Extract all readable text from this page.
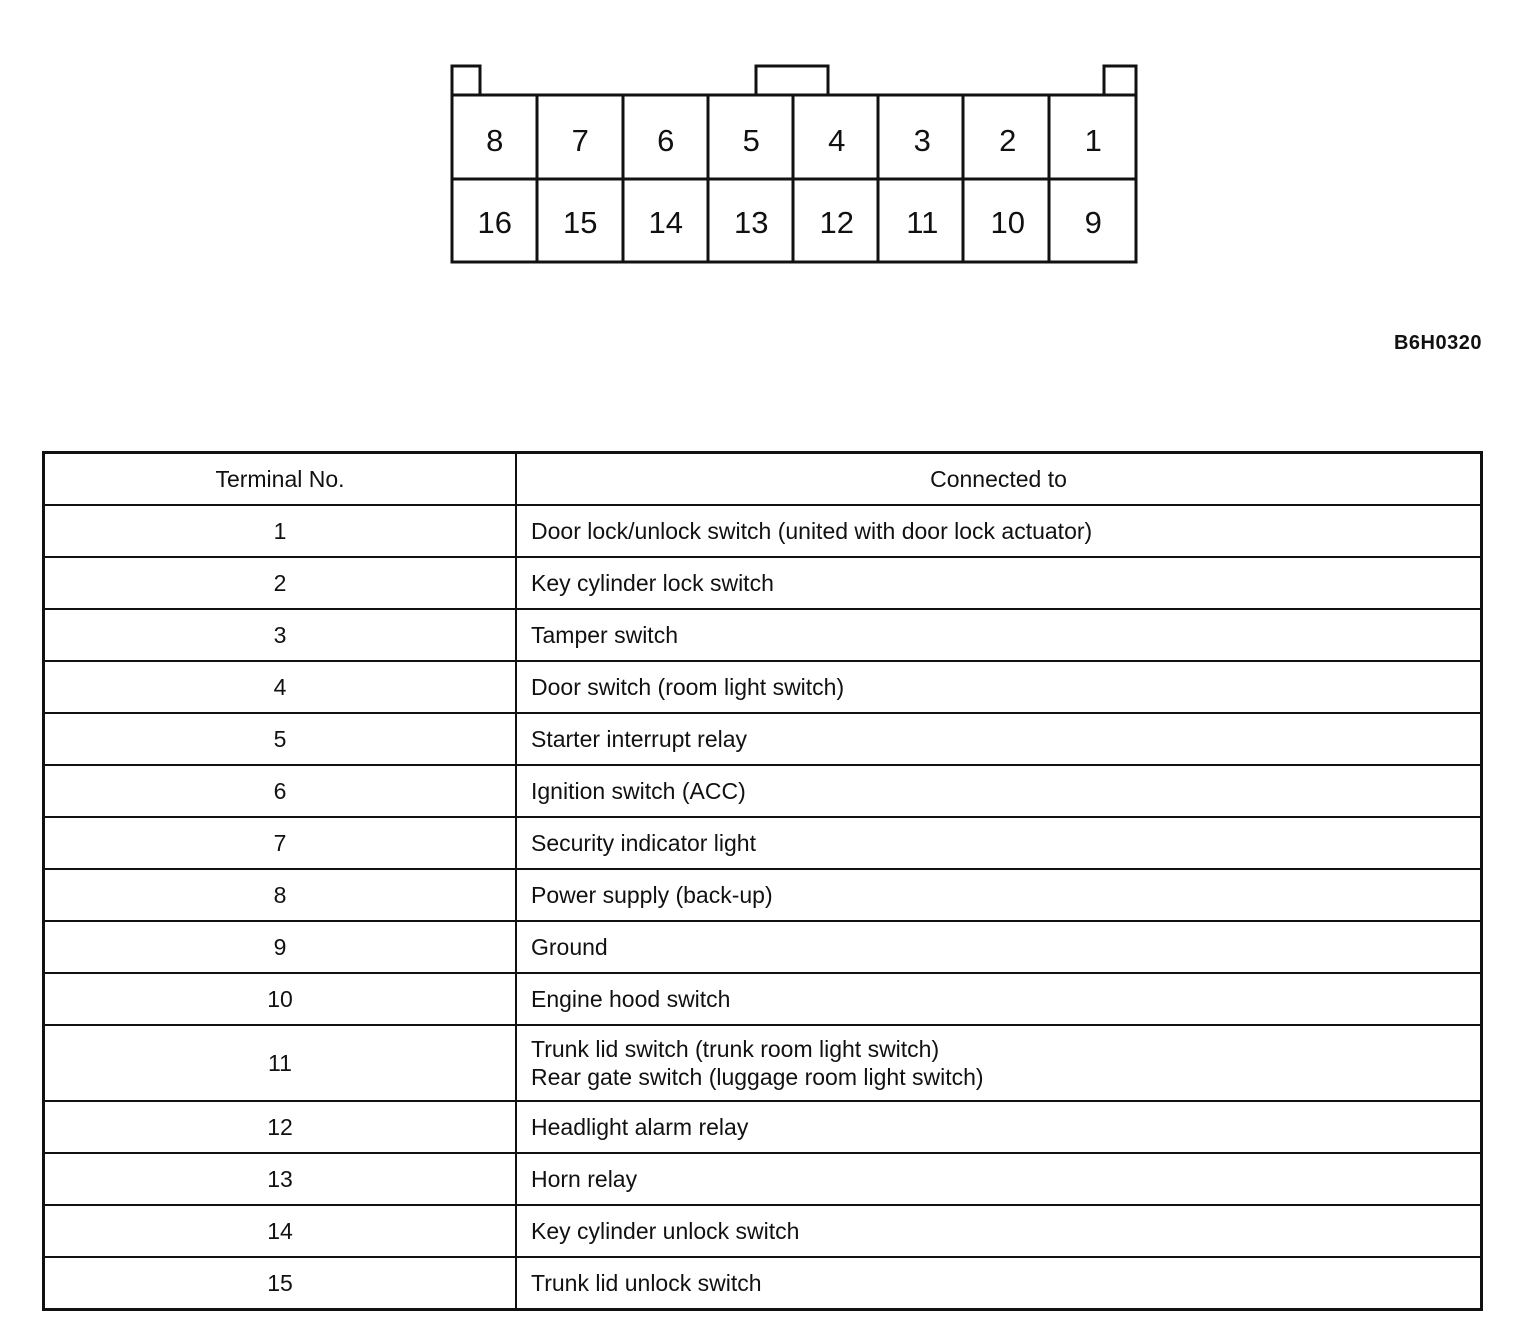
8 7 6 5 4 3 2 1
16 15 14 13 12 11 10 9
B6H0320
Terminal No.	Connected to
1	Door lock/unlock switch (united with door lock actuator)

2	Key cylinder lock switch

3	Tamper switch

4	Door switch (room light switch)

5	Starter interrupt relay

6	Ignition switch (ACC)

7	Security indicator light

8	Power supply (back-up)

9	Ground

10	Engine hood switch

11	Trunk lid switch (trunk room light switch)
Rear gate switch (luggage room light switch)

12	Headlight alarm relay

13	Horn relay

14	Key cylinder unlock switch

15	Trunk lid unlock switch
